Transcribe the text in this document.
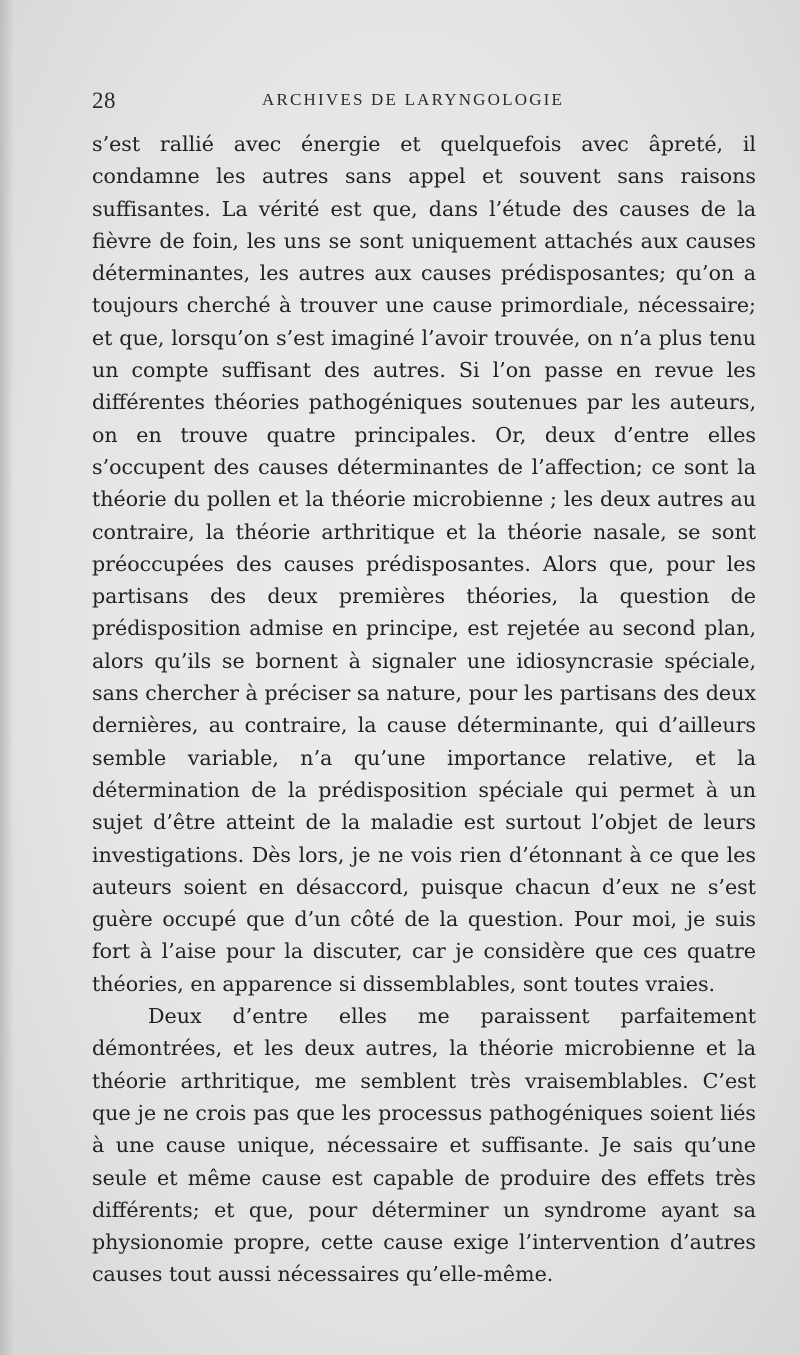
28	ARCHIVES DE LARYNGOLOGIE

s’est rallié avec énergie et quelquefois avec âpreté, il condamne les autres sans appel et souvent sans raisons suffisantes. La vérité est que, dans l’étude des causes de la fièvre de foin, les uns se sont uniquement attachés aux causes déterminantes, les autres aux causes prédisposantes; qu’on a toujours cherché à trouver une cause primordiale, nécessaire; et que, lorsqu’on s’est imaginé l’avoir trouvée, on n’a plus tenu un compte suffisant des autres. Si l’on passe en revue les différentes théories pathogéniques soutenues par les auteurs, on en trouve quatre principales. Or, deux d’entre elles s’occupent des causes déterminantes de l’affection; ce sont la théorie du pollen et la théorie microbienne ; les deux autres au contraire, la théorie arthritique et la théorie nasale, se sont préoccupées des causes prédisposantes. Alors que, pour les partisans des deux premières théories, la question de prédisposition admise en principe, est rejetée au second plan, alors qu’ils se bornent à signaler une idiosyncrasie spéciale, sans chercher à préciser sa nature, pour les partisans des deux dernières, au contraire, la cause déterminante, qui d’ailleurs semble variable, n’a qu’une importance relative, et la détermination de la prédisposition spéciale qui permet à un sujet d’être atteint de la maladie est surtout l’objet de leurs investigations. Dès lors, je ne vois rien d’étonnant à ce que les auteurs soient en désaccord, puisque chacun d’eux ne s’est guère occupé que d’un côté de la question. Pour moi, je suis fort à l’aise pour la discuter, car je considère que ces quatre théories, en apparence si dissemblables, sont toutes vraies.

Deux d’entre elles me paraissent parfaitement démontrées, et les deux autres, la théorie microbienne et la théorie arthritique, me semblent très vraisemblables. C’est que je ne crois pas que les processus pathogéniques soient liés à une cause unique, nécessaire et suffisante. Je sais qu’une seule et même cause est capable de produire des effets très différents; et que, pour déterminer un syndrome ayant sa physionomie propre, cette cause exige l’intervention d’autres causes tout aussi nécessaires qu’elle-même.
